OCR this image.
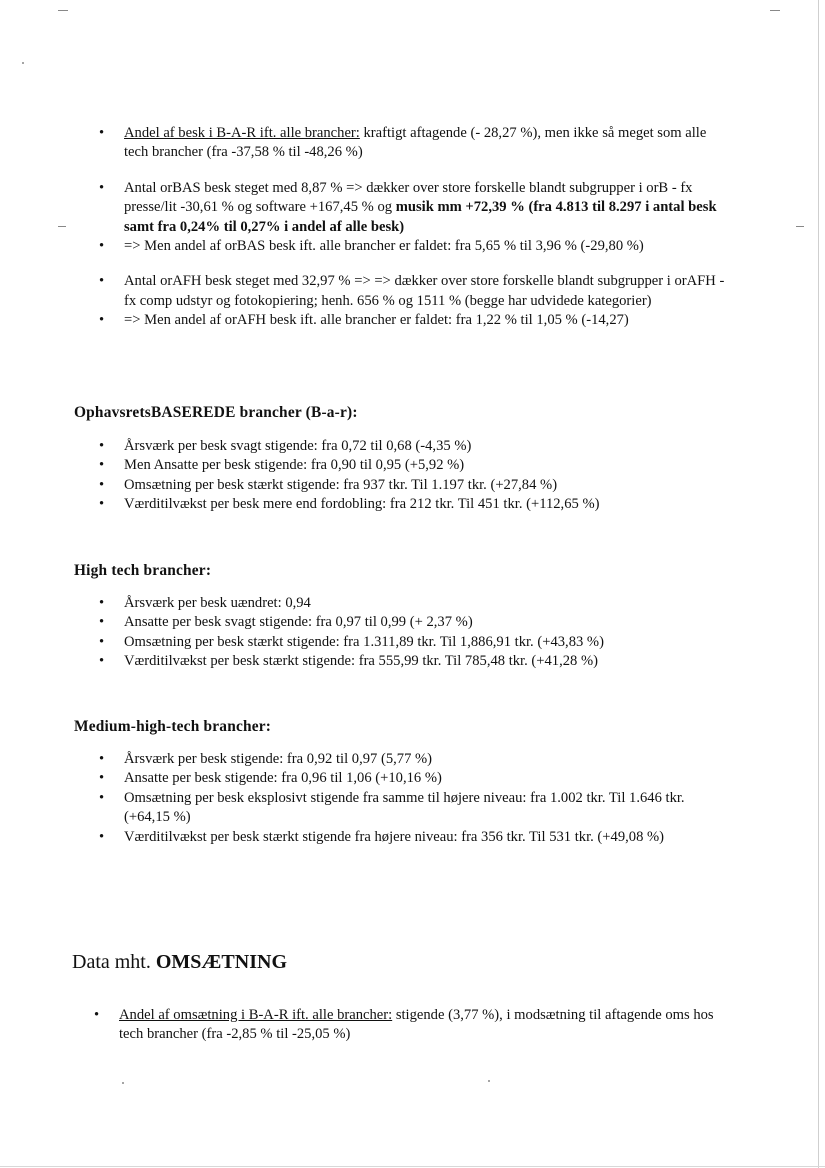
• Andel af besk i B-A-R ift. alle brancher: kraftigt aftagende (- 28,27 %), men ikke så meget som alle tech brancher (fra -37,58 % til -48,26 %)
• Antal orBAS besk steget med 8,87 % => dækker over store forskelle blandt subgrupper i orB - fx presse/lit -30,61 % og software +167,45 % og musik mm +72,39 % (fra 4.813 til 8.297 i antal besk samt fra 0,24% til 0,27% i andel af alle besk)
• => Men andel af orBAS besk ift. alle brancher er faldet: fra 5,65 % til 3,96 % (-29,80 %)
• Antal orAFH besk steget med 32,97 % => => dækker over store forskelle blandt subgrupper i orAFH - fx comp udstyr og fotokopiering; henh. 656 % og 1511 % (begge har udvidede kategorier)
• => Men andel af orAFH besk ift. alle brancher er faldet: fra 1,22 % til 1,05 % (-14,27)
OphavsretsBASEREDE brancher (B-a-r):
• Årsværk per besk svagt stigende: fra 0,72 til 0,68 (-4,35 %)
• Men Ansatte per besk stigende: fra 0,90 til 0,95 (+5,92 %)
• Omsætning per besk stærkt stigende: fra 937 tkr. Til 1.197 tkr. (+27,84 %)
• Værditilvækst per besk mere end fordobling: fra 212 tkr. Til 451 tkr. (+112,65 %)
High tech brancher:
• Årsværk per besk uændret: 0,94
• Ansatte per besk svagt stigende: fra 0,97 til 0,99 (+ 2,37 %)
• Omsætning per besk stærkt stigende: fra 1.311,89 tkr. Til 1,886,91 tkr. (+43,83 %)
• Værditilvækst per besk stærkt stigende: fra 555,99 tkr. Til 785,48 tkr. (+41,28 %)
Medium-high-tech brancher:
• Årsværk per besk stigende: fra 0,92 til 0,97 (5,77 %)
• Ansatte per besk stigende: fra 0,96 til 1,06 (+10,16 %)
• Omsætning per besk eksplosivt stigende fra samme til højere niveau: fra 1.002 tkr. Til 1.646 tkr. (+64,15 %)
• Værditilvækst per besk stærkt stigende fra højere niveau: fra 356 tkr. Til 531 tkr. (+49,08 %)
Data mht. OMSÆTNING
• Andel af omsætning i B-A-R ift. alle brancher: stigende (3,77 %), i modsætning til aftagende oms hos tech brancher (fra -2,85 % til -25,05 %)
